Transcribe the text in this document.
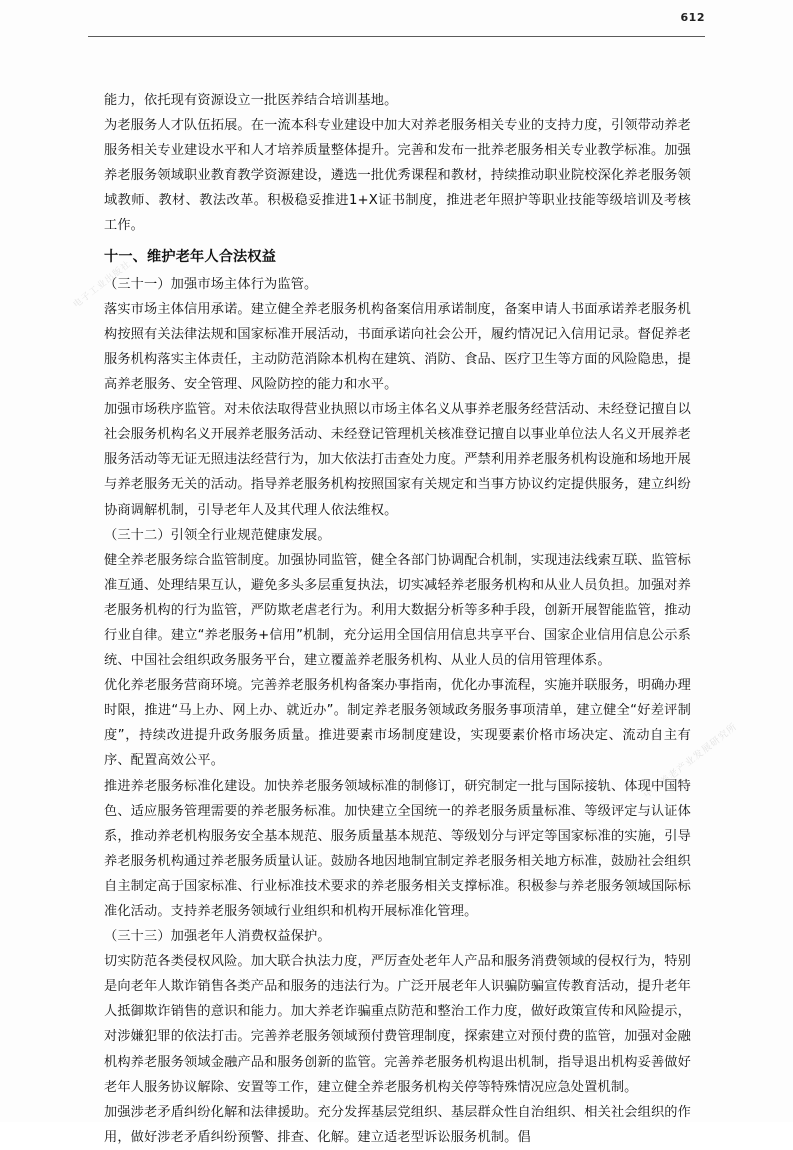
612
电子工业出版社
中国养老产业发展研究所

能力，依托现有资源设立一批医养结合培训基地。

为老服务人才队伍拓展。在一流本科专业建设中加大对养老服务相关专业的支持力度，引领带动养老服务相关专业建设水平和人才培养质量整体提升。完善和发布一批养老服务相关专业教学标准。加强养老服务领域职业教育教学资源建设，遴选一批优秀课程和教材，持续推动职业院校深化养老服务领域教师、教材、教法改革。积极稳妥推进1+X证书制度，推进老年照护等职业技能等级培训及考核工作。

十一、维护老年人合法权益

（三十一）加强市场主体行为监管。

落实市场主体信用承诺。建立健全养老服务机构备案信用承诺制度，备案申请人书面承诺养老服务机构按照有关法律法规和国家标准开展活动，书面承诺向社会公开，履约情况记入信用记录。督促养老服务机构落实主体责任，主动防范消除本机构在建筑、消防、食品、医疗卫生等方面的风险隐患，提高养老服务、安全管理、风险防控的能力和水平。

加强市场秩序监管。对未依法取得营业执照以市场主体名义从事养老服务经营活动、未经登记擅自以社会服务机构名义开展养老服务活动、未经登记管理机关核准登记擅自以事业单位法人名义开展养老服务活动等无证无照违法经营行为，加大依法打击查处力度。严禁利用养老服务机构设施和场地开展与养老服务无关的活动。指导养老服务机构按照国家有关规定和当事方协议约定提供服务，建立纠纷协商调解机制，引导老年人及其代理人依法维权。

（三十二）引领全行业规范健康发展。

健全养老服务综合监管制度。加强协同监管，健全各部门协调配合机制，实现违法线索互联、监管标准互通、处理结果互认，避免多头多层重复执法，切实减轻养老服务机构和从业人员负担。加强对养老服务机构的行为监管，严防欺老虐老行为。利用大数据分析等多种手段，创新开展智能监管，推动行业自律。建立“养老服务+信用”机制，充分运用全国信用信息共享平台、国家企业信用信息公示系统、中国社会组织政务服务平台，建立覆盖养老服务机构、从业人员的信用管理体系。

优化养老服务营商环境。完善养老服务机构备案办事指南，优化办事流程，实施并联服务，明确办理时限，推进“马上办、网上办、就近办”。制定养老服务领域政务服务事项清单，建立健全“好差评制度”，持续改进提升政务服务质量。推进要素市场制度建设，实现要素价格市场决定、流动自主有序、配置高效公平。

推进养老服务标准化建设。加快养老服务领域标准的制修订，研究制定一批与国际接轨、体现中国特色、适应服务管理需要的养老服务标准。加快建立全国统一的养老服务质量标准、等级评定与认证体系，推动养老机构服务安全基本规范、服务质量基本规范、等级划分与评定等国家标准的实施，引导养老服务机构通过养老服务质量认证。鼓励各地因地制宜制定养老服务相关地方标准，鼓励社会组织自主制定高于国家标准、行业标准技术要求的养老服务相关支撑标准。积极参与养老服务领域国际标准化活动。支持养老服务领域行业组织和机构开展标准化管理。

（三十三）加强老年人消费权益保护。

切实防范各类侵权风险。加大联合执法力度，严厉查处老年人产品和服务消费领域的侵权行为，特别是向老年人欺诈销售各类产品和服务的违法行为。广泛开展老年人识骗防骗宣传教育活动，提升老年人抵御欺诈销售的意识和能力。加大养老诈骗重点防范和整治工作力度，做好政策宣传和风险提示，对涉嫌犯罪的依法打击。完善养老服务领域预付费管理制度，探索建立对预付费的监管，加强对金融机构养老服务领域金融产品和服务创新的监管。完善养老服务机构退出机制，指导退出机构妥善做好老年人服务协议解除、安置等工作，建立健全养老服务机构关停等特殊情况应急处置机制。

加强涉老矛盾纠纷化解和法律援助。充分发挥基层党组织、基层群众性自治组织、相关社会组织的作用，做好涉老矛盾纠纷预警、排查、化解。建立适老型诉讼服务机制。倡
